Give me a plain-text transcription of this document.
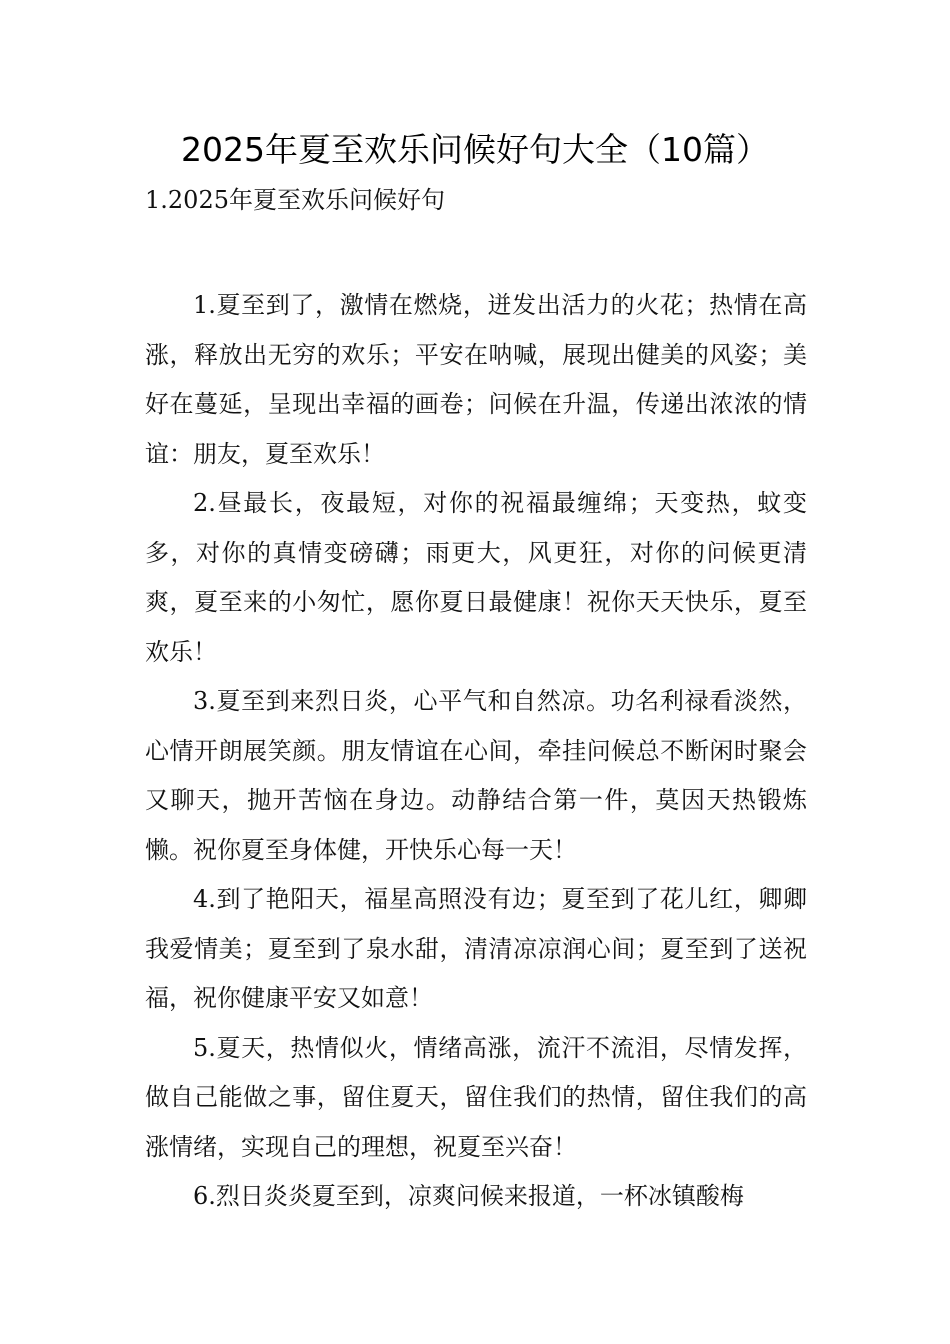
2025年夏至欢乐问候好句大全（10篇）
1.2025年夏至欢乐问候好句

1.夏至到了，激情在燃烧，迸发出活力的火花；热情在高涨，释放出无穷的欢乐；平安在呐喊，展现出健美的风姿；美好在蔓延，呈现出幸福的画卷；问候在升温，传递出浓浓的情谊：朋友，夏至欢乐！

2.昼最长，夜最短，对你的祝福最缠绵；天变热，蚊变多，对你的真情变磅礴；雨更大，风更狂，对你的问候更清爽，夏至来的小匆忙，愿你夏日最健康！祝你天天快乐，夏至欢乐！

3.夏至到来烈日炎，心平气和自然凉。功名利禄看淡然，心情开朗展笑颜。朋友情谊在心间，牵挂问候总不断闲时聚会又聊天，抛开苦恼在身边。动静结合第一件，莫因天热锻炼懒。祝你夏至身体健，开快乐心每一天！

4.到了艳阳天，福星高照没有边；夏至到了花儿红，卿卿我爱情美；夏至到了泉水甜，清清凉凉润心间；夏至到了送祝福，祝你健康平安又如意！

5.夏天，热情似火，情绪高涨，流汗不流泪，尽情发挥，做自己能做之事，留住夏天，留住我们的热情，留住我们的高涨情绪，实现自己的理想，祝夏至兴奋！

6.烈日炎炎夏至到，凉爽问候来报道，一杯冰镇酸梅
